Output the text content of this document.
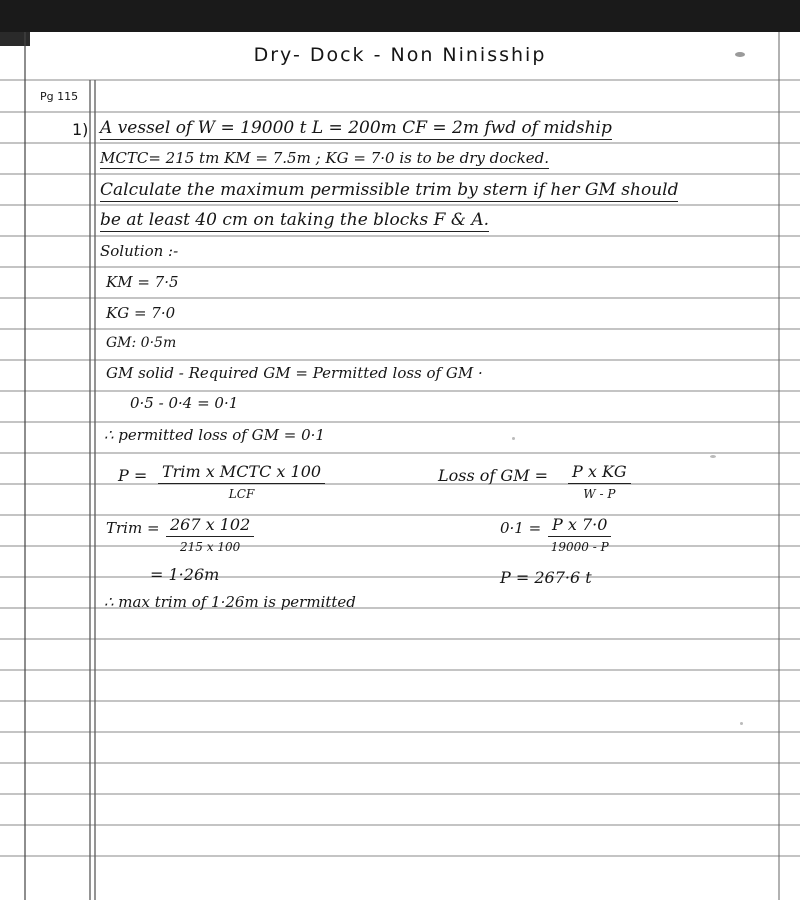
Dry- Dock - Non Ninisship
Pg 115
1) A vessel of W = 19000 t L = 200m CF = 2m fwd of midship
MCTC= 215 tm KM = 7.5m ; KG = 7·0 is to be dry docked.
Calculate the maximum permissible trim by stern if her GM should
be at least 40 cm on taking the blocks F & A.
Solution :-
KM = 7·5
KG = 7·0
GM: 0·5m
GM solid - Required GM = Permitted loss of GM ·
0·5 - 0·4 = 0·1
∴ permitted loss of GM = 0·1
P = Trim x MCTC x 100
LCF
Loss of GM = P x KG
W - P
Trim = 267 x 102
215 x 100
0·1 = P x 7·0
19000 - P
= 1·26m	P = 267·6 t
∴ max trim of 1·26m is permitted
